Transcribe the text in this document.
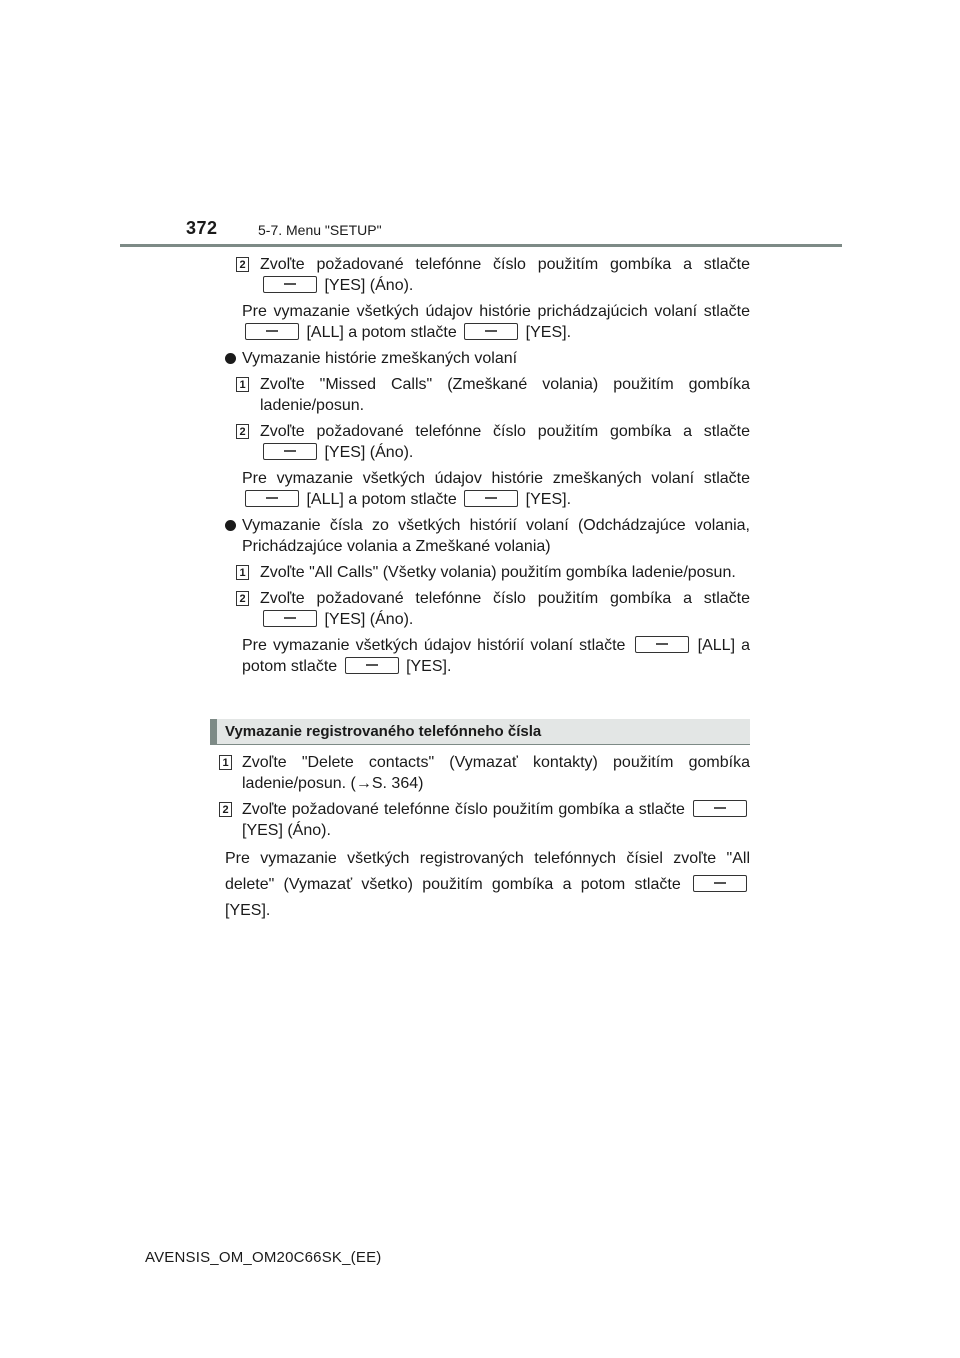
372	5-7. Menu "SETUP"
2 Zvoľte požadované telefónne číslo použitím gombíka a stlačte  [YES] (Áno).
Pre vymazanie všetkých údajov histórie prichádzajúcich volaní stlačte  [ALL] a potom stlačte	[YES].
Vymazanie histórie zmeškaných volaní
1 Zvoľte "Missed Calls" (Zmeškané volania) použitím gombíka ladenie/posun.
2 Zvoľte požadované telefónne číslo použitím gombíka a stlačte  [YES] (Áno).
Pre vymazanie všetkých údajov histórie zmeškaných volaní stlačte  [ALL] a potom stlačte	[YES].
Vymazanie čísla zo všetkých histórií volaní (Odchádzajúce volania, Prichádzajúce volania a Zmeškané volania)
1 Zvoľte "All Calls" (Všetky volania) použitím gombíka ladenie/posun.
2 Zvoľte požadované telefónne číslo použitím gombíka a stlačte  [YES] (Áno).
Pre vymazanie všetkých údajov histórií volaní stlačte	[ALL] a potom stlačte	[YES].
Vymazanie registrovaného telefónneho čísla
1 Zvoľte "Delete contacts" (Vymazať kontakty) použitím gombíka ladenie/posun. (→S. 364)
2 Zvoľte požadované telefónne číslo použitím gombíka a stlačte  [YES] (Áno).
Pre vymazanie všetkých registrovaných telefónnych čísiel zvoľte "All delete" (Vymazať všetko) použitím gombíka a potom stlačte  [YES].
AVENSIS_OM_OM20C66SK_(EE)
